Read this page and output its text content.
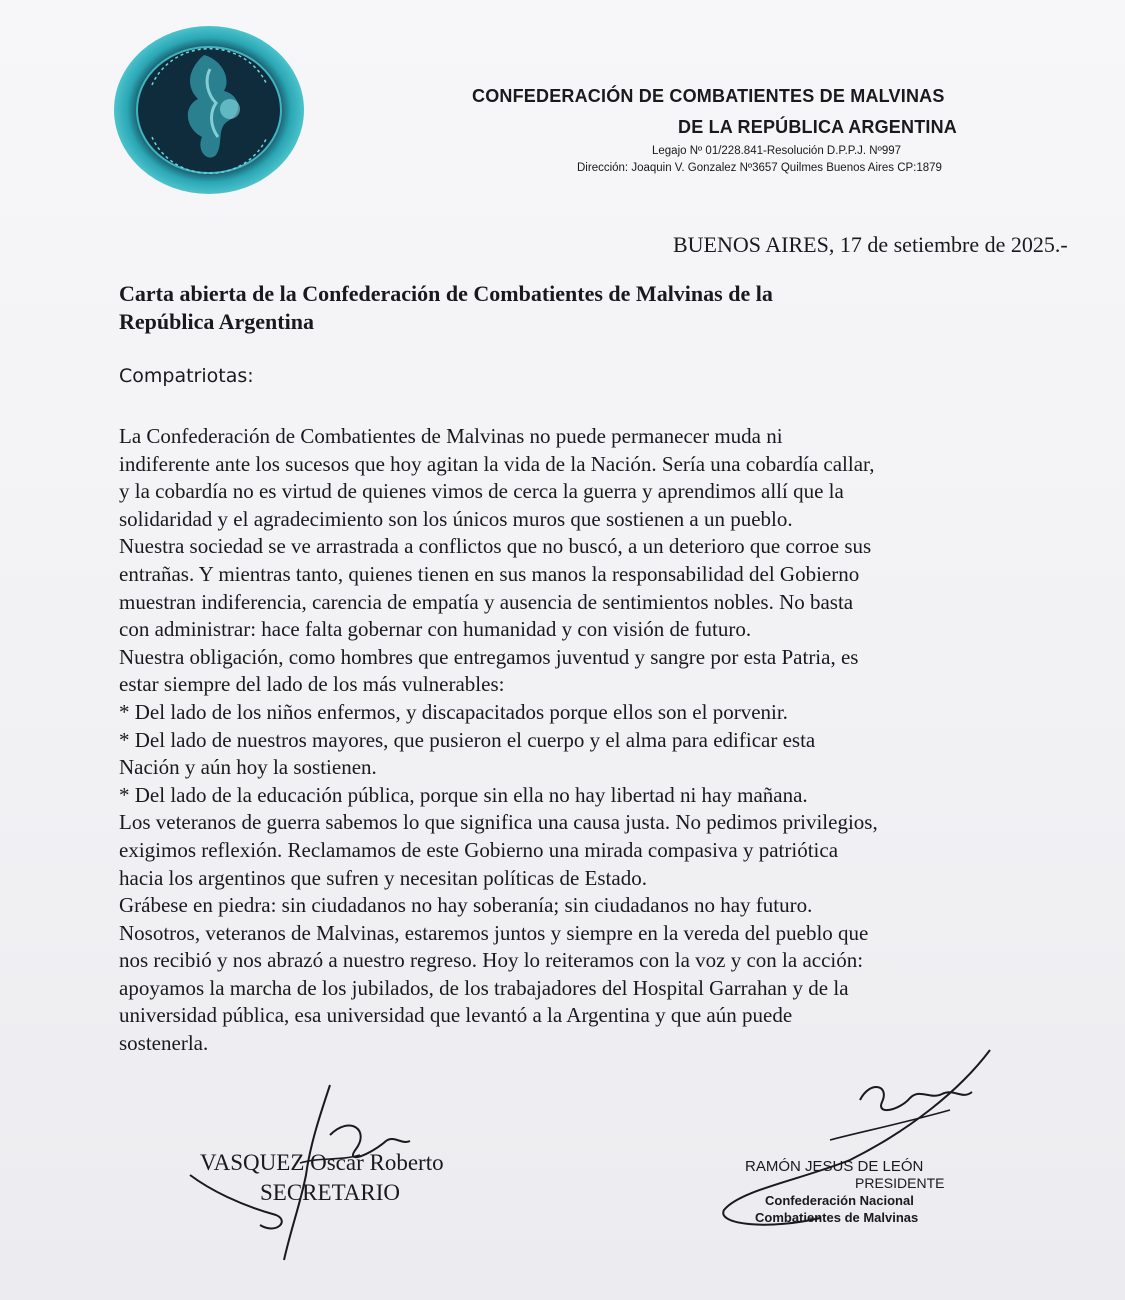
CONFEDERACIÓN DE COMBATIENTES DE MALVINAS
DE LA REPÚBLICA ARGENTINA
Legajo Nº 01/228.841-Resolución D.P.P.J. Nº997
Dirección: Joaquin V. Gonzalez Nº3657 Quilmes Buenos Aires CP:1879
BUENOS AIRES, 17 de setiembre de 2025.-
Carta abierta de la Confederación de Combatientes de Malvinas de la
República Argentina
Compatriotas:
La Confederación de Combatientes de Malvinas no puede permanecer muda ni
indiferente ante los sucesos que hoy agitan la vida de la Nación. Sería una cobardía callar,
y la cobardía no es virtud de quienes vimos de cerca la guerra y aprendimos allí que la
solidaridad y el agradecimiento son los únicos muros que sostienen a un pueblo.
Nuestra sociedad se ve arrastrada a conflictos que no buscó, a un deterioro que corroe sus
entrañas. Y mientras tanto, quienes tienen en sus manos la responsabilidad del Gobierno
muestran indiferencia, carencia de empatía y ausencia de sentimientos nobles. No basta
con administrar: hace falta gobernar con humanidad y con visión de futuro.
Nuestra obligación, como hombres que entregamos juventud y sangre por esta Patria, es
estar siempre del lado de los más vulnerables:
* Del lado de los niños enfermos, y discapacitados porque ellos son el porvenir.
* Del lado de nuestros mayores, que pusieron el cuerpo y el alma para edificar esta
Nación y aún hoy la sostienen.
* Del lado de la educación pública, porque sin ella no hay libertad ni hay mañana.
Los veteranos de guerra sabemos lo que significa una causa justa. No pedimos privilegios,
exigimos reflexión. Reclamamos de este Gobierno una mirada compasiva y patriótica
hacia los argentinos que sufren y necesitan políticas de Estado.
Grábese en piedra: sin ciudadanos no hay soberanía; sin ciudadanos no hay futuro.
Nosotros, veteranos de Malvinas, estaremos juntos y siempre en la vereda del pueblo que
nos recibió y nos abrazó a nuestro regreso. Hoy lo reiteramos con la voz y con la acción:
apoyamos la marcha de los jubilados, de los trabajadores del Hospital Garrahan y de la
universidad pública, esa universidad que levantó a la Argentina y que aún puede
sostenerla.
VASQUEZ Oscar Roberto
SECRETARIO
RAMÓN JESUS DE LEÓN
PRESIDENTE
Confederación Nacional
Combatientes de Malvinas
